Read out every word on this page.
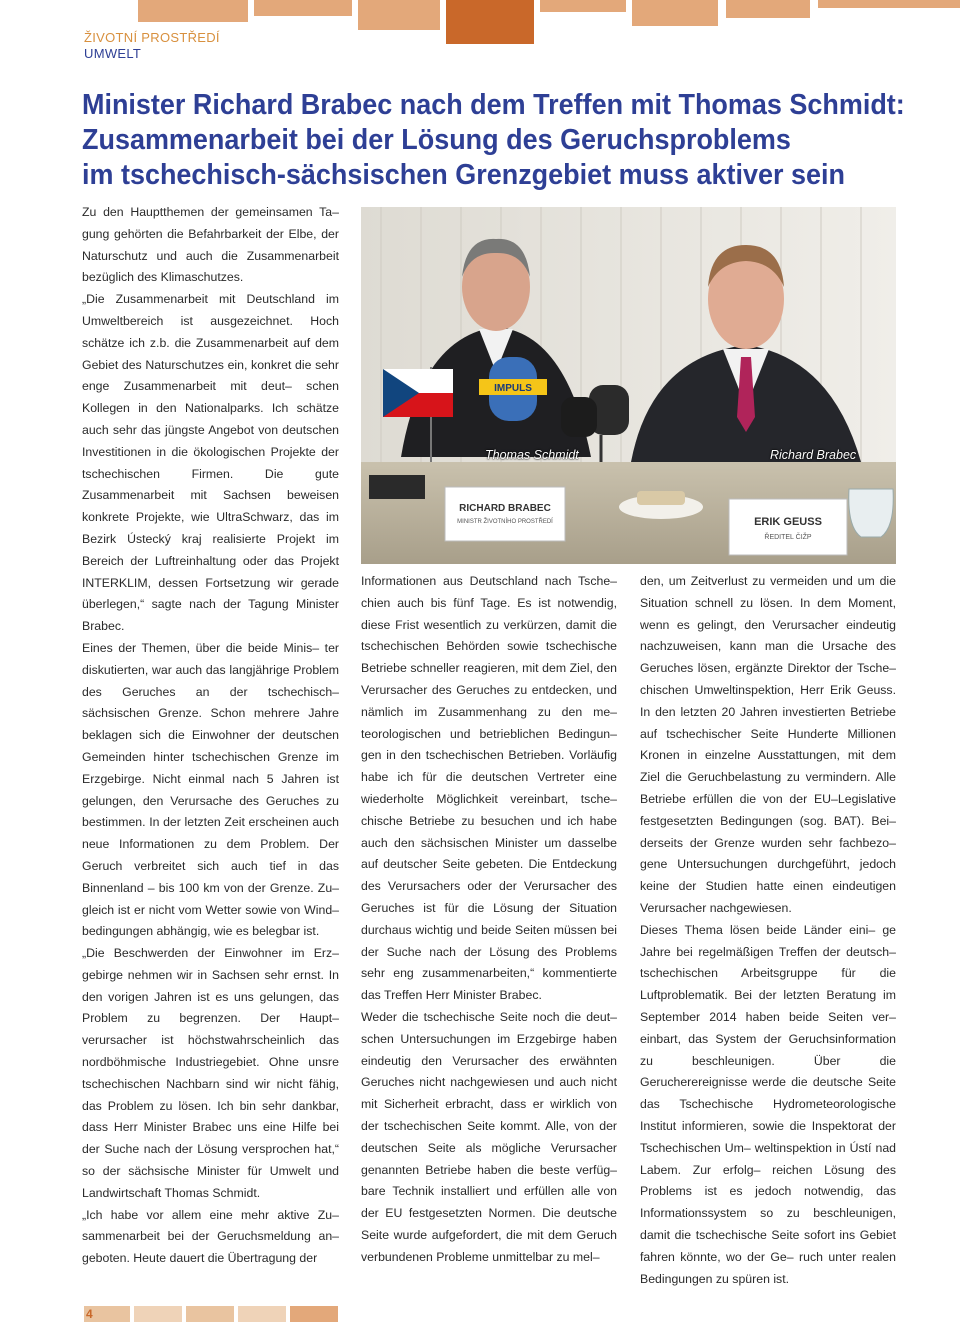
ŽIVOTNÍ PROSTŘEDÍ
UMWELT
Minister Richard Brabec nach dem Treffen mit Thomas Schmidt:
Zusammenarbeit bei der Lösung des Geruchsproblems
im tschechisch-sächsischen Grenzgebiet muss aktiver sein

Zu den Hauptthemen der gemeinsamen Ta– gung gehörten die Befahrbarkeit der Elbe, der Naturschutz und auch die Zusammenarbeit bezüglich des Klimaschutzes.

„Die Zusammenarbeit mit Deutschland im Umweltbereich ist ausgezeichnet. Hoch schätze ich z.b. die Zusammenarbeit auf dem Gebiet des Naturschutzes ein, konkret die sehr enge Zusammenarbeit mit deut– schen Kollegen in den Nationalparks. Ich schätze auch sehr das jüngste Angebot von deutschen Investitionen in die ökologischen Projekte der tschechischen Firmen. Die gute Zusammenarbeit mit Sachsen beweisen konkrete Projekte, wie UltraSchwarz, das im Bezirk Ústecký kraj realisierte Projekt im Bereich der Luftreinhaltung oder das Projekt INTERKLIM, dessen Fortsetzung wir gerade überlegen,“ sagte nach der Tagung Minister Brabec.

Eines der Themen, über die beide Minis– ter diskutierten, war auch das langjährige Problem des Geruches an der tschechisch– sächsischen Grenze. Schon mehrere Jahre beklagen sich die Einwohner der deutschen Gemeinden hinter tschechischen Grenze im Erzgebirge. Nicht einmal nach 5 Jahren ist gelungen, den Verursache des Geruches zu bestimmen. In der letzten Zeit erscheinen auch neue Informationen zu dem Problem. Der Geruch verbreitet sich auch tief in das Binnenland – bis 100 km von der Grenze. Zu– gleich ist er nicht vom Wetter sowie von Wind– bedingungen abhängig, wie es belegbar ist.

„Die Beschwerden der Einwohner im Erz– gebirge nehmen wir in Sachsen sehr ernst. In den vorigen Jahren ist es uns gelungen, das Problem zu begrenzen. Der Haupt– verursacher ist höchstwahrscheinlich das nordböhmische Industriegebiet. Ohne unsre tschechischen Nachbarn sind wir nicht fähig, das Problem zu lösen. Ich bin sehr dankbar, dass Herr Minister Brabec uns eine Hilfe bei der Suche nach der Lösung versprochen hat,“ so der sächsische Minister für Umwelt und Landwirtschaft Thomas Schmidt.

„Ich habe vor allem eine mehr aktive Zu– sammenarbeit bei der Geruchsmeldung an– geboten. Heute dauert die Übertragung der

IMPULS
RICHARD BRABEC
MINISTR ŽIVOTNÍHO PROSTŘEDÍ	ERIK GEUSS
ŘEDITEL ČIŽP
Thomas Schmidt	Richard Brabec

Informationen aus Deutschland nach Tsche– chien auch bis fünf Tage. Es ist notwendig, diese Frist wesentlich zu verkürzen, damit die tschechischen Behörden sowie tschechische Betriebe schneller reagieren, mit dem Ziel, den Verursacher des Geruches zu entdecken, und nämlich im Zusammenhang zu den me– teorologischen und betrieblichen Bedingun– gen in den tschechischen Betrieben. Vorläufig habe ich für die deutschen Vertreter eine wiederholte Möglichkeit vereinbart, tsche– chische Betriebe zu besuchen und ich habe auch den sächsischen Minister um dasselbe auf deutscher Seite gebeten. Die Entdeckung des Verursachers oder der Verursacher des Geruches ist für die Lösung der Situation durchaus wichtig und beide Seiten müssen bei der Suche nach der Lösung des Problems sehr eng zusammenarbeiten,“ kommentierte das Treffen Herr Minister Brabec.

Weder die tschechische Seite noch die deut– schen Untersuchungen im Erzgebirge haben eindeutig den Verursacher des erwähnten Geruches nicht nachgewiesen und auch nicht mit Sicherheit erbracht, dass er wirklich von der tschechischen Seite kommt. Alle, von der deutschen Seite als mögliche Verursacher genannten Betriebe haben die beste verfüg– bare Technik installiert und erfüllen alle von der EU festgesetzten Normen. Die deutsche Seite wurde aufgefordert, die mit dem Geruch verbundenen Probleme unmittelbar zu mel–

den, um Zeitverlust zu vermeiden und um die Situation schnell zu lösen. In dem Moment, wenn es gelingt, den Verursacher eindeutig nachzuweisen, kann man die Ursache des Geruches lösen, ergänzte Direktor der Tsche– chischen Umweltinspektion, Herr Erik Geuss. In den letzten 20 Jahren investierten Betriebe auf tschechischer Seite Hunderte Millionen Kronen in einzelne Ausstattungen, mit dem Ziel die Geruchbelastung zu vermindern. Alle Betriebe erfüllen die von der EU–Legislative festgesetzten Bedingungen (sog. BAT). Bei– derseits der Grenze wurden sehr fachbezo– gene Untersuchungen durchgeführt, jedoch keine der Studien hatte einen eindeutigen Verursacher nachgewiesen.

Dieses Thema lösen beide Länder eini– ge Jahre bei regelmäßigen Treffen der deutsch–tschechischen Arbeitsgruppe für die Luftproblematik. Bei der letzten Beratung im September 2014 haben beide Seiten ver– einbart, das System der Geruchsinformation zu beschleunigen. Über die Gerucherereignisse werde die deutsche Seite das Tschechische Hydrometeorologische Institut informieren, sowie die Inspektorat der Tschechischen Um– weltinspektion in Ústí nad Labem. Zur erfolg– reichen Lösung des Problems ist es jedoch notwendig, das Informationssystem so zu beschleunigen, damit die tschechische Seite sofort ins Gebiet fahren könnte, wo der Ge– ruch unter realen Bedingungen zu spüren ist.

4
